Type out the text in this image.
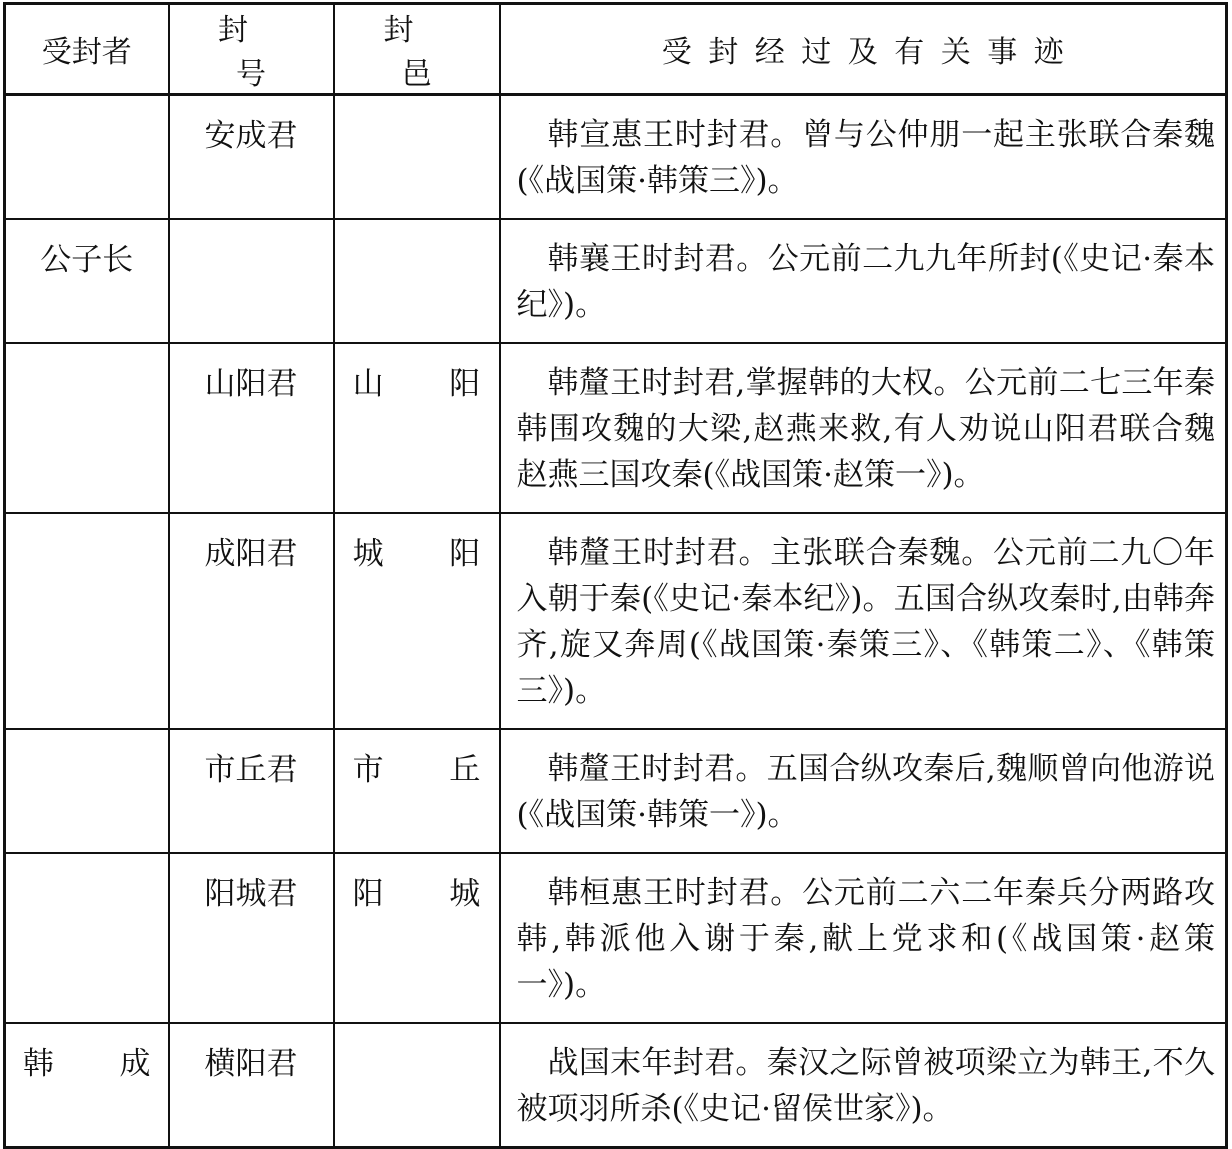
受封者	封 号	封 邑	受封经过及有关事迹
	安成君		韩宣惠王时封君。曾与公仲朋一起主张联合秦魏(《战国策·韩策三》)。
公子长			韩襄王时封君。公元前二九九年所封(《史记·秦本纪》)。
	山阳君	山 阳	韩釐王时封君,掌握韩的大权。公元前二七三年秦韩围攻魏的大梁,赵燕来救,有人劝说山阳君联合魏赵燕三国攻秦(《战国策·赵策一》)。
	成阳君	城 阳	韩釐王时封君。主张联合秦魏。公元前二九〇年入朝于秦(《史记·秦本纪》)。五国合纵攻秦时,由韩奔齐,旋又奔周(《战国策·秦策三》、《韩策二》、《韩策三》)。
	市丘君	市 丘	韩釐王时封君。五国合纵攻秦后,魏顺曾向他游说(《战国策·韩策一》)。
	阳城君	阳 城	韩桓惠王时封君。公元前二六二年秦兵分两路攻韩,韩派他入谢于秦,献上党求和(《战国策·赵策一》)。
韩 成	横阳君		战国末年封君。秦汉之际曾被项梁立为韩王,不久被项羽所杀(《史记·留侯世家》)。
